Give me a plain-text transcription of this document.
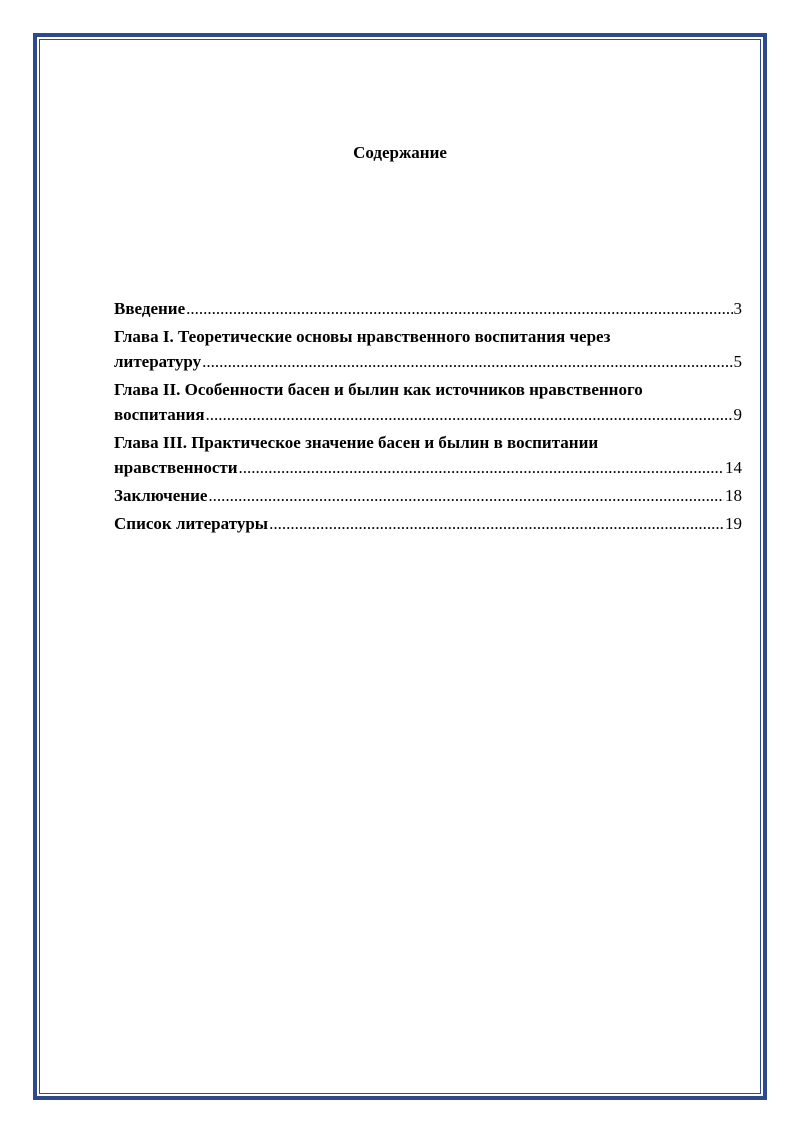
Содержание
Введение .....	3
Глава I. Теоретические основы нравственного воспитания через
литературу .....	5
Глава II. Особенности басен и былин как источников нравственного
воспитания .....	9
Глава III. Практическое значение басен и былин в воспитании
нравственности .....	14
Заключение .....	18
Список литературы .....	19
